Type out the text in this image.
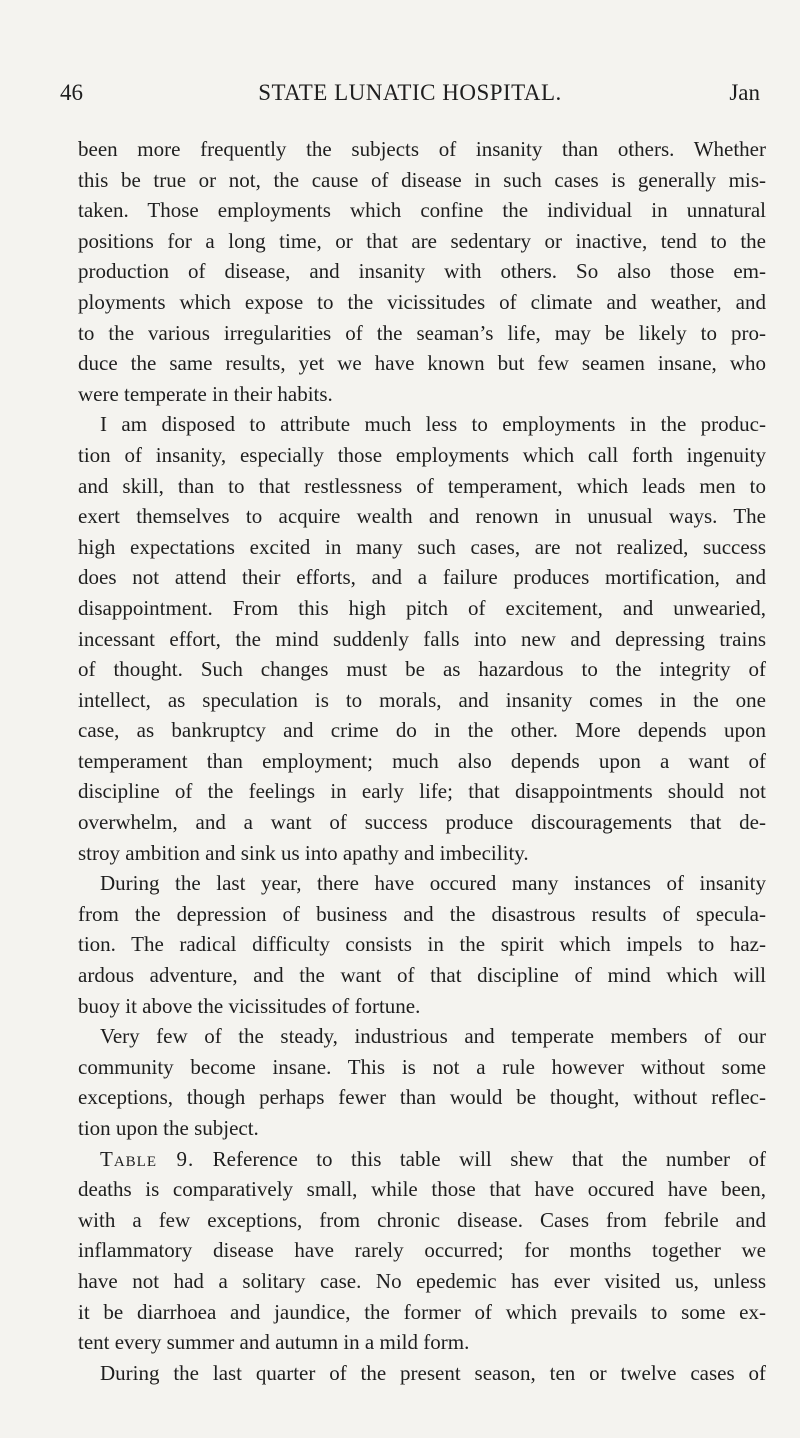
46	STATE LUNATIC HOSPITAL.	Jan
been more frequently the subjects of insanity than others. Whether
this be true or not, the cause of disease in such cases is generally mis-
taken. Those employments which confine the individual in unnatural
positions for a long time, or that are sedentary or inactive, tend to the
production of disease, and insanity with others. So also those em-
ployments which expose to the vicissitudes of climate and weather, and
to the various irregularities of the seaman’s life, may be likely to pro-
duce the same results, yet we have known but few seamen insane, who
were temperate in their habits.
I am disposed to attribute much less to employments in the produc-
tion of insanity, especially those employments which call forth ingenuity
and skill, than to that restlessness of temperament, which leads men to
exert themselves to acquire wealth and renown in unusual ways. The
high expectations excited in many such cases, are not realized, success
does not attend their efforts, and a failure produces mortification, and
disappointment. From this high pitch of excitement, and unwearied,
incessant effort, the mind suddenly falls into new and depressing trains
of thought. Such changes must be as hazardous to the integrity of
intellect, as speculation is to morals, and insanity comes in the one
case, as bankruptcy and crime do in the other. More depends upon
temperament than employment; much also depends upon a want of
discipline of the feelings in early life; that disappointments should not
overwhelm, and a want of success produce discouragements that de-
stroy ambition and sink us into apathy and imbecility.
During the last year, there have occured many instances of insanity
from the depression of business and the disastrous results of specula-
tion. The radical difficulty consists in the spirit which impels to haz-
ardous adventure, and the want of that discipline of mind which will
buoy it above the vicissitudes of fortune.
Very few of the steady, industrious and temperate members of our
community become insane. This is not a rule however without some
exceptions, though perhaps fewer than would be thought, without reflec-
tion upon the subject.
Table 9. Reference to this table will shew that the number of
deaths is comparatively small, while those that have occured have been,
with a few exceptions, from chronic disease. Cases from febrile and
inflammatory disease have rarely occurred; for months together we
have not had a solitary case. No epedemic has ever visited us, unless
it be diarrhoea and jaundice, the former of which prevails to some ex-
tent every summer and autumn in a mild form.
During the last quarter of the present season, ten or twelve cases of
